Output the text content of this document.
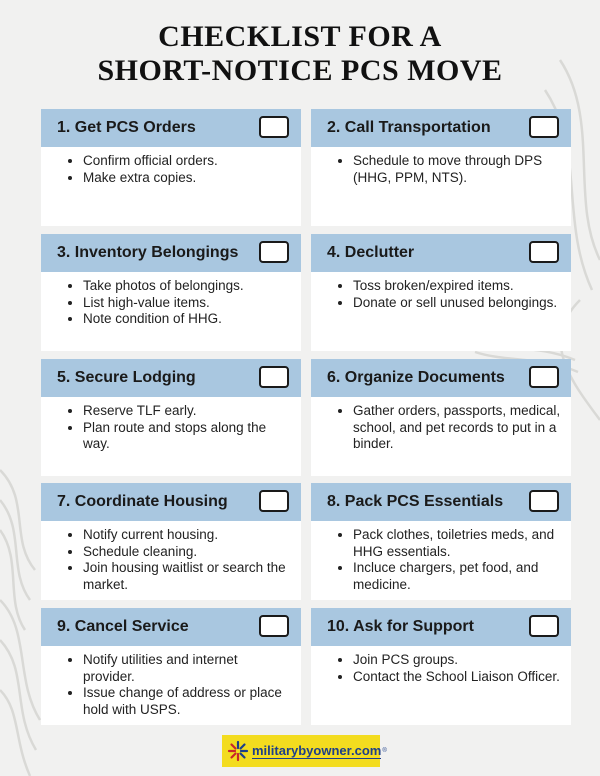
CHECKLIST FOR A
SHORT-NOTICE PCS MOVE
1. Get PCS Orders
• Confirm official orders.
• Make extra copies.
2. Call Transportation
• Schedule to move through DPS (HHG, PPM, NTS).
3. Inventory Belongings
• Take photos of belongings.
• List high-value items.
• Note condition of HHG.
4. Declutter
• Toss broken/expired items.
• Donate or sell unused belongings.
5. Secure Lodging
• Reserve TLF early.
• Plan route and stops along the way.
6. Organize Documents
• Gather orders, passports, medical, school, and pet records to put in a binder.
7. Coordinate Housing
• Notify current housing.
• Schedule cleaning.
• Join housing waitlist or search the market.
8. Pack PCS Essentials
• Pack clothes, toiletries meds, and HHG essentials.
• Incluce chargers, pet food, and medicine.
9. Cancel Service
• Notify utilities and internet provider.
• Issue change of address or place hold with USPS.
10. Ask for Support
• Join PCS groups.
• Contact the School Liaison Officer.
militarybyowner.com ®
